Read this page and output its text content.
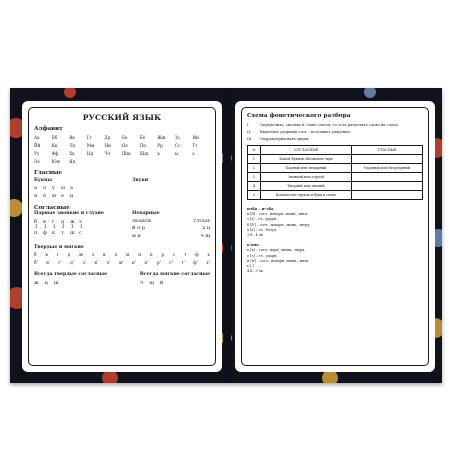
РУССКИЙ ЯЗЫК
Алфавит
Аа	Бб	Вв	Гг	Дд	Ее	Ёё	Жж	Зз	Ии
Йй	Кк	Лл	Мм	Нн	Оо	Пп	Рр	Сс	Тт
Уу	Фф	Хх	Цц	Чч	Шш	Щщ	ъ	ы	ь
Ээ	Юю	Яя
Гласные
Буквы
а	о	у	ы	э
я	ё	ю е	и
Звуки
Согласные
Парные звонкие и глухие
б	в	г	д	ж з
↕ ↕ ↕ ↕ ↕ ↕
п	ф	к	т	ш с
Непарные
ЗВОНКИЕ	ГЛУХИЕ
й л р	х ц
м н	ч щ
Твердые и мягкие
б в г д ж з к л м н п р с т ф х
б' в' г' д' з' к' л' м' н' п' р' с' т' ф' х'
Всегда твердые согласные
ж ц ш
Всегда мягкие согласные
ч щ й
Схема фонетического разбора
I.	Определить, сколько в слове слогов, то есть разделить слово на слоги.
II.	Выделить ударный слог – поставить ударение.
III.	Охарактеризовать звуки:
№	СОГЛАСНЫЕ	ГЛАСНЫЕ
1	Какой буквой обозначен звук	
2	Парный или непарный	Ударный или безударный
3	Звонкий или глухой	
4	Твердый или мягкий	
5	Количество звуков и букв в слове	
изба – и-зба
и [б] – согл., непарн. звонк., мягк.
з [з] – гл., ударн.
б [б'] – согл., непарн. звонк., тверд.
а [а] – гл., безуд.
3 б., 4 зв.
к'онь
к [к] – согл., парн. звонк., тверд.
о [о] – гл., ударн.
н [н'] – согл., непарн. звонк., мягк.
ь [–]
4 б., 3 зв.
